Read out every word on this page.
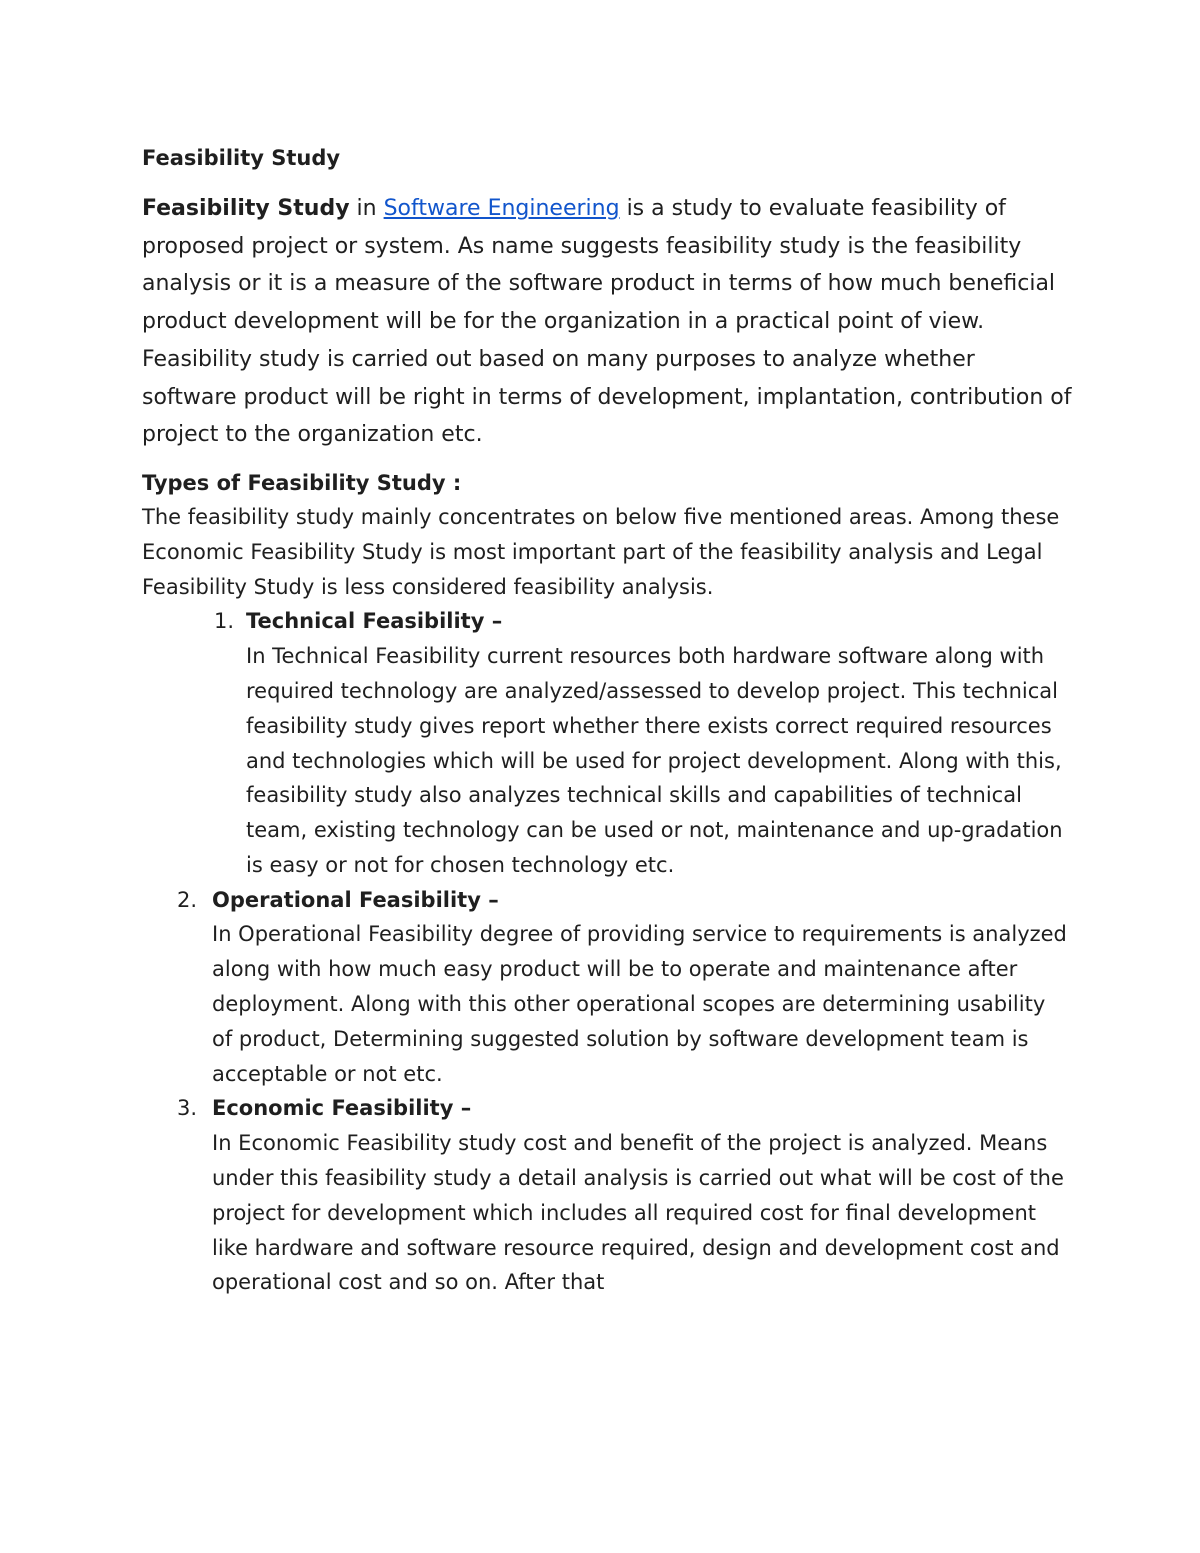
Feasibility Study

Feasibility Study in Software Engineering is a study to evaluate feasibility of proposed project or system. As name suggests feasibility study is the feasibility analysis or it is a measure of the software product in terms of how much beneficial product development will be for the organization in a practical point of view. Feasibility study is carried out based on many purposes to analyze whether software product will be right in terms of development, implantation, contribution of project to the organization etc.

Types of Feasibility Study :
The feasibility study mainly concentrates on below five mentioned areas. Among these Economic Feasibility Study is most important part of the feasibility analysis and Legal Feasibility Study is less considered feasibility analysis.
1. Technical Feasibility –
In Technical Feasibility current resources both hardware software along with required technology are analyzed/assessed to develop project. This technical feasibility study gives report whether there exists correct required resources and technologies which will be used for project development. Along with this, feasibility study also analyzes technical skills and capabilities of technical team, existing technology can be used or not, maintenance and up-gradation is easy or not for chosen technology etc.
2. Operational Feasibility –
In Operational Feasibility degree of providing service to requirements is analyzed along with how much easy product will be to operate and maintenance after deployment. Along with this other operational scopes are determining usability of product, Determining suggested solution by software development team is acceptable or not etc.
3. Economic Feasibility –
In Economic Feasibility study cost and benefit of the project is analyzed. Means under this feasibility study a detail analysis is carried out what will be cost of the project for development which includes all required cost for final development like hardware and software resource required, design and development cost and operational cost and so on. After that
